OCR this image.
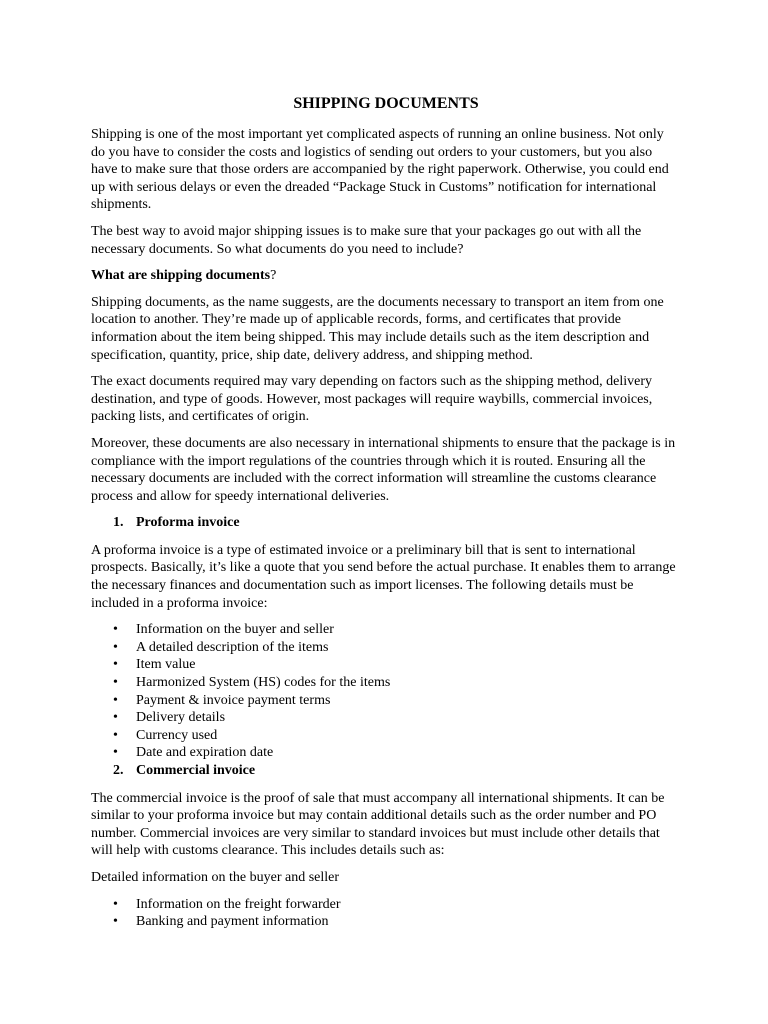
SHIPPING DOCUMENTS

Shipping is one of the most important yet complicated aspects of running an online business. Not only do you have to consider the costs and logistics of sending out orders to your customers, but you also have to make sure that those orders are accompanied by the right paperwork. Otherwise, you could end up with serious delays or even the dreaded “Package Stuck in Customs” notification for international shipments.

The best way to avoid major shipping issues is to make sure that your packages go out with all the necessary documents. So what documents do you need to include?

What are shipping documents?

Shipping documents, as the name suggests, are the documents necessary to transport an item from one location to another. They’re made up of applicable records, forms, and certificates that provide information about the item being shipped. This may include details such as the item description and specification, quantity, price, ship date, delivery address, and shipping method.

The exact documents required may vary depending on factors such as the shipping method, delivery destination, and type of goods. However, most packages will require waybills, commercial invoices, packing lists, and certificates of origin.

Moreover, these documents are also necessary in international shipments to ensure that the package is in compliance with the import regulations of the countries through which it is routed. Ensuring all the necessary documents are included with the correct information will streamline the customs clearance process and allow for speedy international deliveries.

1. Proforma invoice

A proforma invoice is a type of estimated invoice or a preliminary bill that is sent to international prospects. Basically, it’s like a quote that you send before the actual purchase. It enables them to arrange the necessary finances and documentation such as import licenses. The following details must be included in a proforma invoice:

• Information on the buyer and seller
• A detailed description of the items
• Item value
• Harmonized System (HS) codes for the items
• Payment & invoice payment terms
• Delivery details
• Currency used
• Date and expiration date
2. Commercial invoice

The commercial invoice is the proof of sale that must accompany all international shipments. It can be similar to your proforma invoice but may contain additional details such as the order number and PO number. Commercial invoices are very similar to standard invoices but must include other details that will help with customs clearance. This includes details such as:

Detailed information on the buyer and seller

• Information on the freight forwarder
• Banking and payment information
